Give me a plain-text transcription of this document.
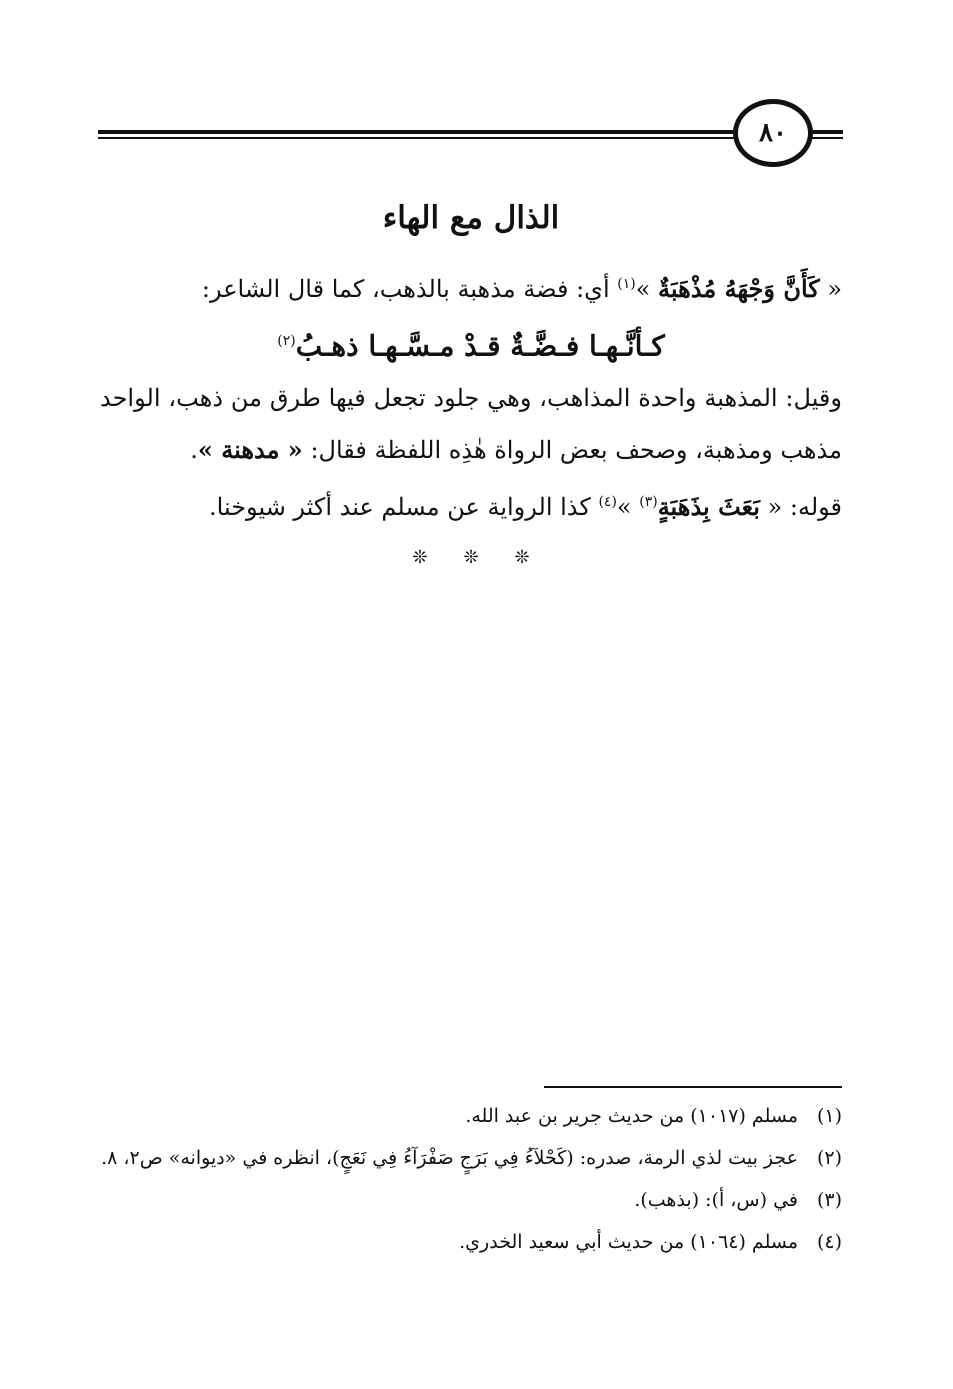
٨٠
الذال مع الهاء

« كَأَنَّ وَجْهَهُ مُذْهَبَةٌ »$^{(١)}$ أي: فضة مذهبة بالذهب، كما قال الشاعر:

كـأنَّـهـا فـضَّـةٌ قـدْ مـسَّـهـا ذهـبُ$^{(٢)}$

وقيل: المذهبة واحدة المذاهب، وهي جلود تجعل فيها طرق من ذهب، الواحد مذهب ومذهبة، وصحف بعض الرواة هٰذِه اللفظة فقال: « مدهنة ».

قوله: « بَعَثَ بِذَهَبَةٍ$^{(٣)}$ »$^{(٤)}$ كذا الرواية عن مسلم عند أكثر شيوخنا.

❊ ❊ ❊
(١)
مسلم (١٠١٧) من حديث جرير بن عبد الله.
(٢)
عجز بيت لذي الرمة، صدره: (كَحْلآءُ فِي بَرَجٍ صَفْرَآءُ فِي نَعَجٍ)، انظره في «ديوانه» ص٢، ٨.
(٣)
في (س، أ): (بذهب).
(٤)
مسلم (١٠٦٤) من حديث أبي سعيد الخدري.
